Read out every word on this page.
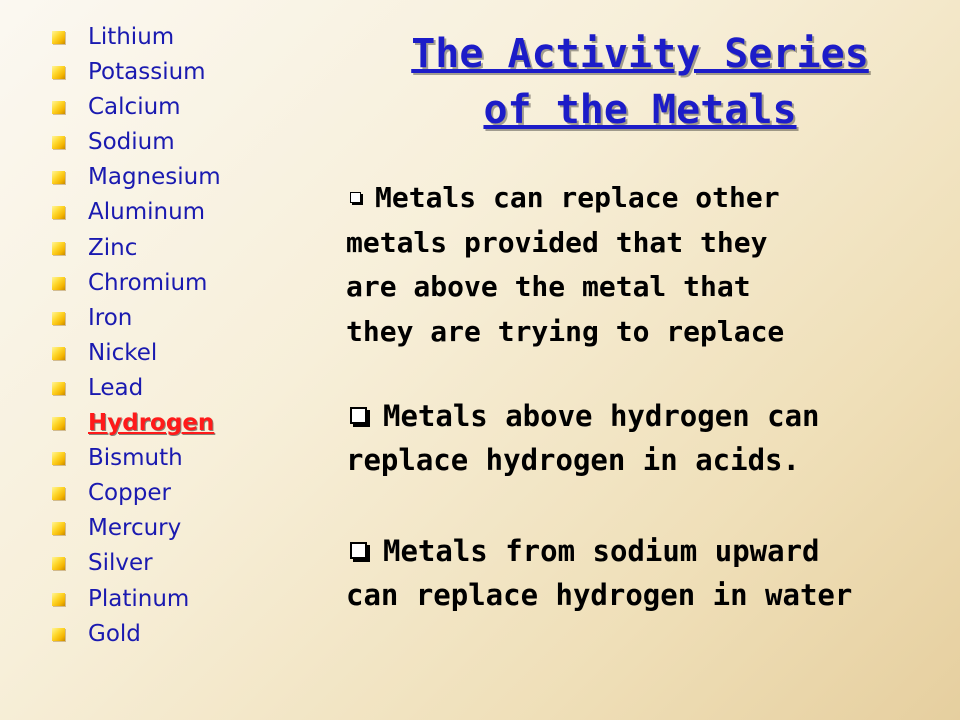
Lithium
Potassium
Calcium
Sodium
Magnesium
Aluminum
Zinc
Chromium
Iron
Nickel
Lead
Hydrogen
Bismuth
Copper
Mercury
Silver
Platinum
Gold
The Activity Series
of the Metals
Metals can replace other
metals provided that they
are above the metal that
they are trying to replace
Metals above hydrogen can
replace hydrogen in acids.
Metals from sodium upward
can replace hydrogen in water
